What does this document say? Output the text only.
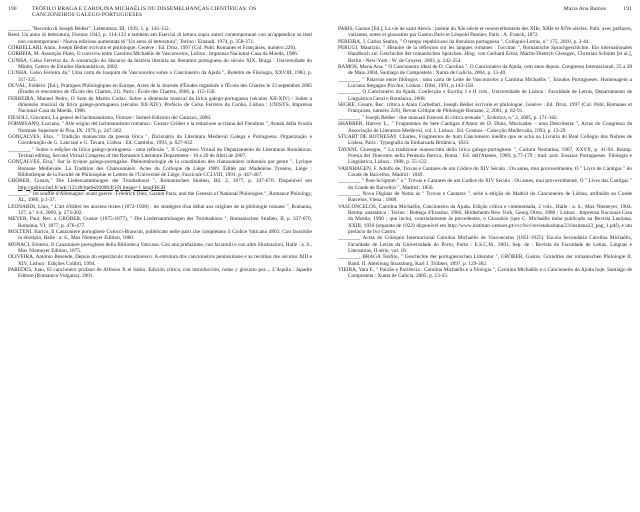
190	TEÓFILO BRAGA E CAROLINA MICHAËLIS OU DISSEMELHANÇAS CIENTÍFICAS: OS CANCIONEIROS GALEGO-PORTUGUESES

________, "Recordo di Joseph Bédier", Letteratura, III, 1939, 1, p. 145-152.

Reed. Un anno di letteratura, Firenze 1942, p. 114-132 e também em Esercizi di lettura sopra autori contemporanei con un'appendice su testi non contemporanei - Nuova edizione aumentata di "Un anno di letteratura", Torino : Einaudi, 1974, p. 358-371.

CORBELLARI, Alain, Joseph Bédier écrivain et philologue, Genève : Ed. Droz, 1997 (Col. Publ. Romanes et Françaises, numéro 220).

CORREIA, M. Assunção Pinto, O convívio entre Carolina Michaëlis de Vasconcelos, Lisboa : Imprensa Nacional-Casa da Moeda, 1986.

CUNHA, Celso Ferreira da, A construção do discurso da história literária na literatura portuguesa do século XIX, Braga : Universidade do Minho, Centro de Estudos Humanísticos, 2002.

CUNHA, Celso Ferreira da," Uma carta de Joaquim de Vasconcelos sobre o Cancioneiro da Ajuda ", Boletim de Filologia, XXVIII, 1983, p. 317-325.

DUVAL, Frédéric [Ed.], Pratiques Philologiques en Europe, Actes de la Journée d'Études organisée à l'École des Chartes le 23 septembre 2005 (Études et rencontres de l'École des Chartes, 21), Paris : École des Chartes, 2006, p. 115-150.

FERREIRA, Manuel Pedro, O Som de Martin Codax. Sobre a dimensão musical da lírica galego-portuguesa (séculos XII-XIV) / Sobre a dimensão musical da lírica galego-portuguesa (séculos XII-XIV). Prefácio de Celso Ferreira da Cunha, Lisboa : UNISYS, Imprensa Nacional-Casa da Moeda, 1986.

FIESOLI, Giovanni, La genesi del lachmannismo, Firenze : Sismel-Edizioni del Galuzzo, 2000.

FORMISANO, Luciano, " Alle origini del lachmannismo romanzo : Gustav Gröber e la redazione occitana del Fierabras ", Annali della Scuola Normale Superiore di Pisa, IX, 1979, p. 247-302.

GONÇALVES, Elsa, " Tradição manuscrita da poesia lírica ", Dicionário da Literatura Medieval Galega e Portuguesa. Organização e Coordenação de G. Lanciani e G. Tavani, Lisboa : Ed. Caminho, 1993, p. 627-632.

________, " Sobre o edições da lírica galego-portuguesa - uma reflexão ", II Congresso Virtual do Departamento de Literaturas Românicas. Textual editing, Second Virtual Congress of the Romance Literature Department - 16 e 20 de Abril de 2007.

GONÇALVES, Elsa," Sur la lyrique galego-portugaise. Phénoménologie de la constitution des chansonniers ordonnés par genre ", Lyrique Romane Médiévale. La Tradition des Chansonniers. Actes du Colloque de Liège 1989. Édités par Madeleine Tyssens, Liège : Bibliothèque de la Faculté de Philosophie et Lettres de l'Université de Liège, Fascicule CCLVIII, 1991, p. 447-467.

GRÖBER, Gustav," Die Liedersammlungen der Troubadours ", Romanischen Studien, Bd. 2, 1877, p. 337-670. Disponível em http://gallica.bnf.fr/ark:/12148/bpt6k92086/f(10) image=1 langFRGB

_______, " Im souffle d'Allemagne: avant guerre : Friedrich Diez, Gaston Paris, and the Genesis of National Philologies ", Romance Philology, XL, 1986, p.1-37.

LEONARDI, Lino, " L'art d'éditer les anciens textes (1872-1928) : les stratégies d'un débat aux origines de la philologie romane ", Romania, 127, n.º 3-4, 2009, p. 273-302.

MEYER, Paul, Rec. a GRÖBER, Gustav (1875-1877), " Die Liedersammlungen der Troubadours ", Romanischen Studien, II, p. 337-670, Romania, VI, 1877, p. 476-477.

MOLTENI, Enrico, Il Canzoniere portoghese Colocci-Brancuti, pubblicato nelle parti che completano il Codice Vaticano 4803. Con facsimile in eliotipia, Halle : a. S., Max Niemeyer Edition, 1880.

MONACI, Ernesto, Il Canzoniere portoghese della Biblioteca Vaticana. Con una prefazione, con facsimili e con altre illustrazioni, Halle : a. S., Max Niemeyer Edition, 1875.

OLIVEIRA, António Resende, Depois do espectáculo trovadoresco. A estrutura dos cancioneiros peninsulares e as recolhas dos séculos XIII e XIV, Lisboa : Edições Colibri, 1994.

PAREDES, Juan, El cancionero profano de Alfonso X el Sabio. Edición crítica, con introducción, notas y glosario por..., L'Aquila : Japadre Editore (Romanica Vulgaria), 2001.

Maria Ana Ramos	191

PARIS, Gaston [Ed.], La vie de saint Alexis : poème du XIe siècle et renouvellements des XIIe, XIIIe et XIVe siècles. Publ. avec préfaces, variantes, notes et glossaires par Gaston Paris et Léopold Pannier, Paris : A. Franck, 1872.

PEREIRA, J. Carlos Seabra, " O tempo republicano da literatura portuguesa ", Colóquio-Letras, n.º 175, 2010, p. 3-44.

PERUGI, Maurizio, " Histoire de la réflexion sur les langues romanes : l'occitan ", Romanische Sprachgeschichte. Ein internationales Handbuch zur Geschichte der romanischen Sprachen. Hrsg. von Gerhard Ernst, Martin-Dietrich Glessgen, Christian Schmitt [et al.], Berlin - New-York : W. de Gruyter, 2003, p. 242-254.

RAMOS, Maria Ana, " O Cancioneiro ideal de D. Carolina ", O Cancioneiro da Ajuda, cem anos depois. Congresso Internacional, 25 a 28 de Maio 2004, Santiago de Compostela : Xunta de Galicia, 2004, p. 13-40.

________, " Palavras entre filólogos : uma carta de Leite de Vasconcelos a Carolina Michaëlis ", Estudos Portugueses. Homenagem a Luciana Stegagno Picchio, Lisboa : Difel, 1991, p.143-158.

________, O Cancioneiro da Ajuda. Confecção e Escrita, I e II vols., Universidade de Lisboa : Faculdade de Letras, Departamento de Linguística Geral e Românica, 2008.

SEGRE, Cesare, Rec. crítica a Alain Corbellari, Joseph Bédier écrivain et philologue, Genève : Ed. Droz, 1997 (Col. Publ. Romanes et Françaises, numéro 220), Revue Critique de Philologie Romane, 2, 2001, p. 82-91.

________, " Joseph Bédier : due manuali francesi di critica testuale ", Ecdotica, n.º 2, 2005, p. 171-182.

SHARRER, Harvey L., " Fragmentos de Sete Cantigas d'Amor de D. Dinis, Musicadas – uma Descoberta ", Actas do Congresso da Associação de Literatura Medieval, vol. I, Lisboa : Ed. Cosmos - Colecção Medievalia, 1993, p. 13-29.

STUART DE ROTHESAY, Charles, Fragmentos de hum Cancioneiro inedito que se acha na Livraria do Real Collegio dos Nobres de Lisboa, Paris : Typografia da Embaixada Britânica, 1823.

TAVANI, Giuseppe, " La tradizione manoscritta della lirica galego-portoghese ", Cultura Neolatina, 1967, XXVII, p. 41-94. Reimp. Poesia del Duecento nella Penisola Iberica, Roma : Ed. dell'Ateneo, 1969, p.77-179 ; trad. port. Ensaios Portugueses. Filologia e Linguística, Lisboa : 1988, p. 55-122.

VARNHAGEN, F. Adolfo de, Trovas e Cantares de um Códice do XIV Século : Ou antes, mui provavelmente, O " Livro de Cantigas " do Conde de Barcellos, Madrid : 1849.

________, " Post-Scriptum " a " Trovas e Cantares de um Codice do XIV Século : Ou antes, mui provavelmente, O " Livro das Cantigas " do Conde de Barcellos ", Madrid : 1850.

________, Nova Diginas de Notas ás " Trovas e Cantares ", série à edição do Madrid do Cancioneiro de Lisboa, atribuído ao Conde Barcelos, Viena : 1868.

VASCONCELOS, Carolina Michaëlis, Cancioneiro da Ajuda. Edição crítica e commentada, 2 vols., Halle : a. S., Max Niemeyer, 1904. Reimp. anastática : Torino : Bottega d'Erasmo, 1966; Hildesheim-New York, Georg Olms, 1980 ; Lisboa : Imprensa Nacional-Casa da Moeda, 1990 ; que inclui, contrariamente às precedentes, o Glossário (que C. Michaëlis tinha publicado na Revista Lusitana, XXIII, 1920 (separata de 1922) disponível em http://www.instituto-camoes.pt/cvc/bvc/revistalusitana/23/lusitana23_pag_1.pdf), e um prefácio de Ivo Castro.

________, Actas do Colóquio Internacional Carolina Michaëlis de Vasconcelos (1851-1925). Escola Secundária Carolina Michaëlis, Faculdade de Letras da Universidade do Porto, Porto : E.S.C.M., 2001, Sep. de : Revista da Faculdade de Letras, Línguas e Literaturas, II série, vol. 18.

________, BRAGA Teófilo, " Geschichte der portugiesischen Litteratur ", GRÖBER, Gustav. Grundriss der romanischen Philologie II. Band. II. Abteilung Strassburg, Karl J. Trübner, 1897, p. 129-382.

VIEIRA, Yara F., " Paixão e Paciência : Carolina Michaëlis e a filologia ", Carolina Michaëlis e o Cancioneiro da Ajuda hoje, Santiago de Compostela : Xunta de Galicia, 2005, p. 13-43.
